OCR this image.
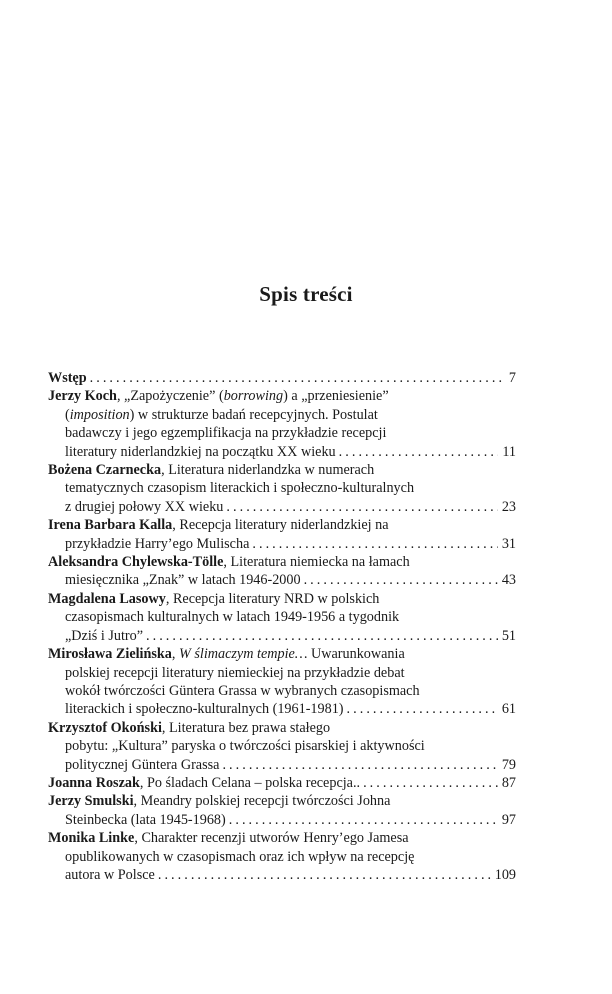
Spis treści
Wstęp . . .	7
Jerzy Koch, „Zapożyczenie” (borrowing) a „przeniesienie”
(imposition) w strukturze badań recepcyjnych. Postulat
badawczy i jego egzemplifikacja na przykładzie recepcji
literatury niderlandzkiej na początku XX wieku . . .	11
Bożena Czarnecka, Literatura niderlandzka w numerach
tematycznych czasopism literackich i społeczno-kulturalnych
z drugiej połowy XX wieku . . .	23
Irena Barbara Kalla, Recepcja literatury niderlandzkiej na
przykładzie Harry’ego Mulischa . . .	31
Aleksandra Chylewska-Tölle, Literatura niemiecka na łamach
miesięcznika „Znak” w latach 1946-2000 . . .	43
Magdalena Lasowy, Recepcja literatury NRD w polskich
czasopismach kulturalnych w latach 1949-1956 a tygodnik
„Dziś i Jutro” . . .	51
Mirosława Zielińska, W ślimaczym tempie… Uwarunkowania
polskiej recepcji literatury niemieckiej na przykładzie debat
wokół twórczości Güntera Grassa w wybranych czasopismach
literackich i społeczno-kulturalnych (1961-1981) . . .	61
Krzysztof Okoński, Literatura bez prawa stałego
pobytu: „Kultura” paryska o twórczości pisarskiej i aktywności
politycznej Güntera Grassa . . .	79
Joanna Roszak, Po śladach Celana – polska recepcja.. . . .	87
Jerzy Smulski, Meandry polskiej recepcji twórczości Johna
Steinbecka (lata 1945-1968) . . .	97
Monika Linke, Charakter recenzji utworów Henry’ego Jamesa
opublikowanych w czasopismach oraz ich wpływ na recepcję
autora w Polsce . . .	109
